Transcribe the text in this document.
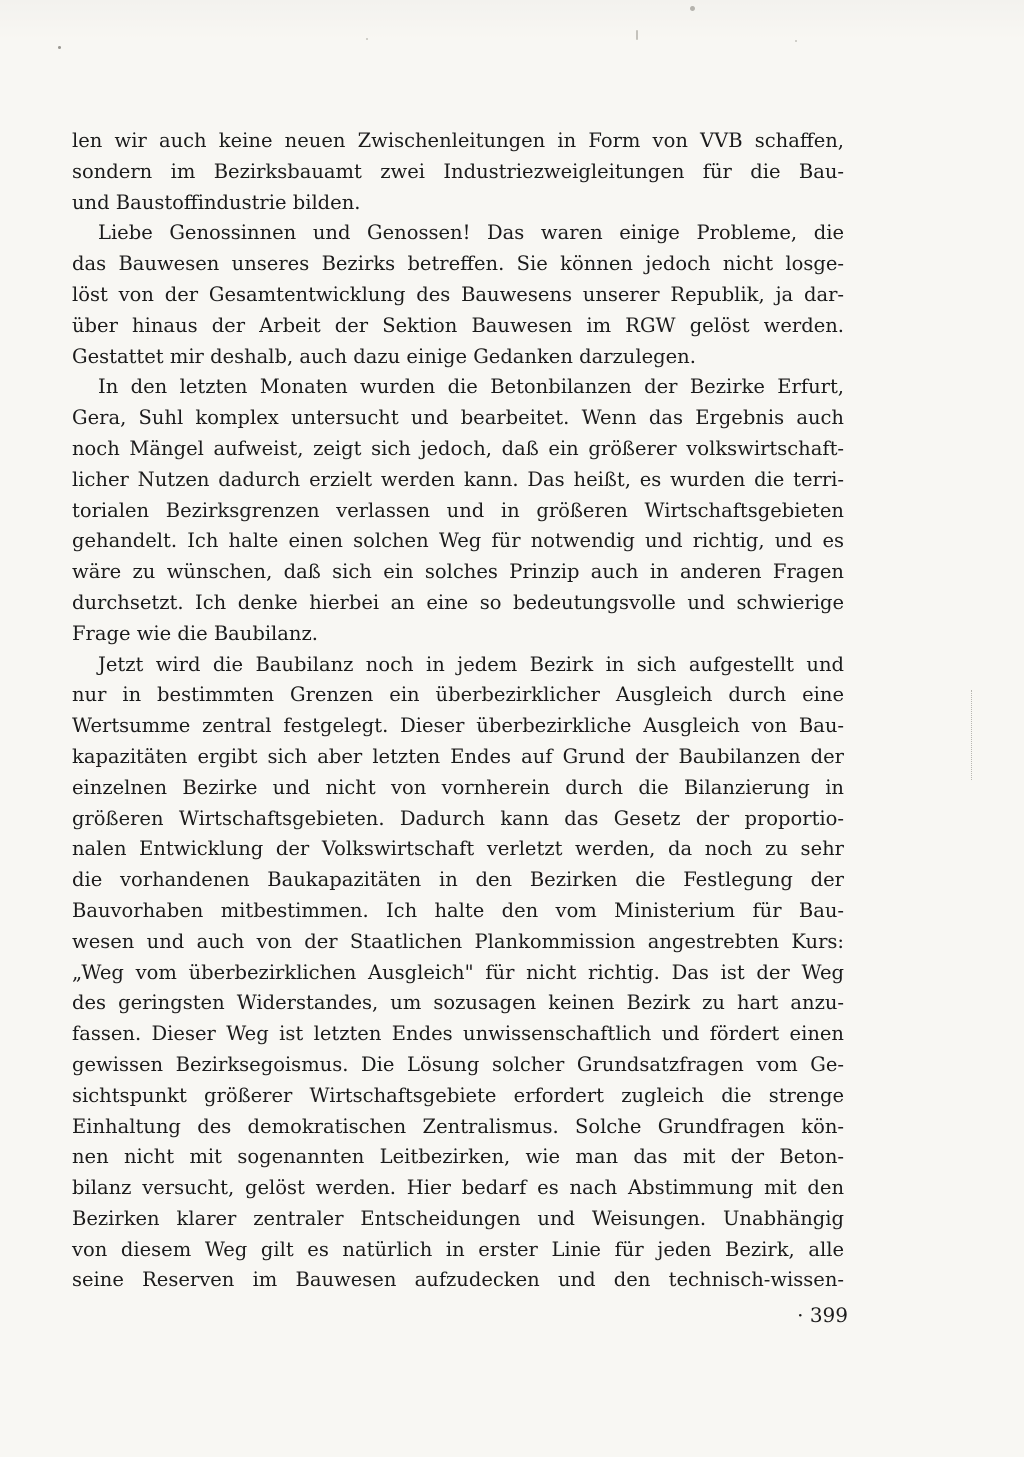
len wir auch keine neuen Zwischenleitungen in Form von VVB schaffen,
sondern im Bezirksbauamt zwei Industriezweigleitungen für die Bau-
und Baustoffindustrie bilden.
Liebe Genossinnen und Genossen! Das waren einige Probleme, die
das Bauwesen unseres Bezirks betreffen. Sie können jedoch nicht losge-
löst von der Gesamtentwicklung des Bauwesens unserer Republik, ja dar-
über hinaus der Arbeit der Sektion Bauwesen im RGW gelöst werden.
Gestattet mir deshalb, auch dazu einige Gedanken darzulegen.
In den letzten Monaten wurden die Betonbilanzen der Bezirke Erfurt,
Gera, Suhl komplex untersucht und bearbeitet. Wenn das Ergebnis auch
noch Mängel aufweist, zeigt sich jedoch, daß ein größerer volkswirtschaft-
licher Nutzen dadurch erzielt werden kann. Das heißt, es wurden die terri-
torialen Bezirksgrenzen verlassen und in größeren Wirtschaftsgebieten
gehandelt. Ich halte einen solchen Weg für notwendig und richtig, und es
wäre zu wünschen, daß sich ein solches Prinzip auch in anderen Fragen
durchsetzt. Ich denke hierbei an eine so bedeutungsvolle und schwierige
Frage wie die Baubilanz.
Jetzt wird die Baubilanz noch in jedem Bezirk in sich aufgestellt und
nur in bestimmten Grenzen ein überbezirklicher Ausgleich durch eine
Wertsumme zentral festgelegt. Dieser überbezirkliche Ausgleich von Bau-
kapazitäten ergibt sich aber letzten Endes auf Grund der Baubilanzen der
einzelnen Bezirke und nicht von vornherein durch die Bilanzierung in
größeren Wirtschaftsgebieten. Dadurch kann das Gesetz der proportio-
nalen Entwicklung der Volkswirtschaft verletzt werden, da noch zu sehr
die vorhandenen Baukapazitäten in den Bezirken die Festlegung der
Bauvorhaben mitbestimmen. Ich halte den vom Ministerium für Bau-
wesen und auch von der Staatlichen Plankommission angestrebten Kurs:
„Weg vom überbezirklichen Ausgleich" für nicht richtig. Das ist der Weg
des geringsten Widerstandes, um sozusagen keinen Bezirk zu hart anzu-
fassen. Dieser Weg ist letzten Endes unwissenschaftlich und fördert einen
gewissen Bezirksegoismus. Die Lösung solcher Grundsatzfragen vom Ge-
sichtspunkt größerer Wirtschaftsgebiete erfordert zugleich die strenge
Einhaltung des demokratischen Zentralismus. Solche Grundfragen kön-
nen nicht mit sogenannten Leitbezirken, wie man das mit der Beton-
bilanz versucht, gelöst werden. Hier bedarf es nach Abstimmung mit den
Bezirken klarer zentraler Entscheidungen und Weisungen. Unabhängig
von diesem Weg gilt es natürlich in erster Linie für jeden Bezirk, alle
seine Reserven im Bauwesen aufzudecken und den technisch-wissen-
· 399
